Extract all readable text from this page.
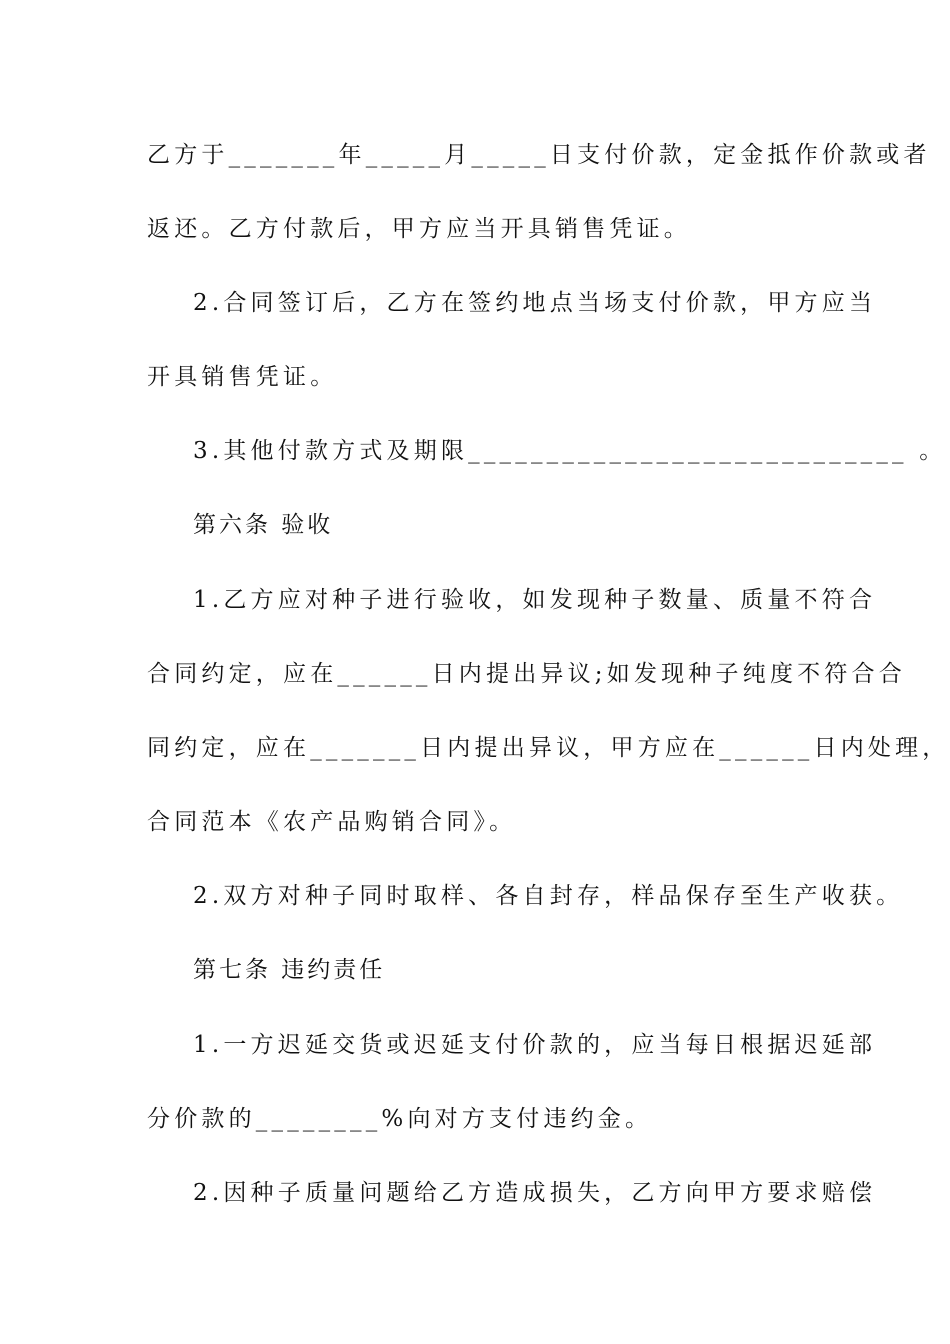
乙方于_______年_____月_____日支付价款，定金抵作价款或者
返还。乙方付款后，甲方应当开具销售凭证。
2.合同签订后，乙方在签约地点当场支付价款，甲方应当
开具销售凭证。
3.其他付款方式及期限____________________________ 。
第六条 验收
1.乙方应对种子进行验收，如发现种子数量、质量不符合
合同约定，应在______日内提出异议;如发现种子纯度不符合合
同约定，应在_______日内提出异议，甲方应在______日内处理，
合同范本《农产品购销合同》。
2.双方对种子同时取样、各自封存，样品保存至生产收获。
第七条 违约责任
1.一方迟延交货或迟延支付价款的，应当每日根据迟延部
分价款的________%向对方支付违约金。
2.因种子质量问题给乙方造成损失，乙方向甲方要求赔偿
